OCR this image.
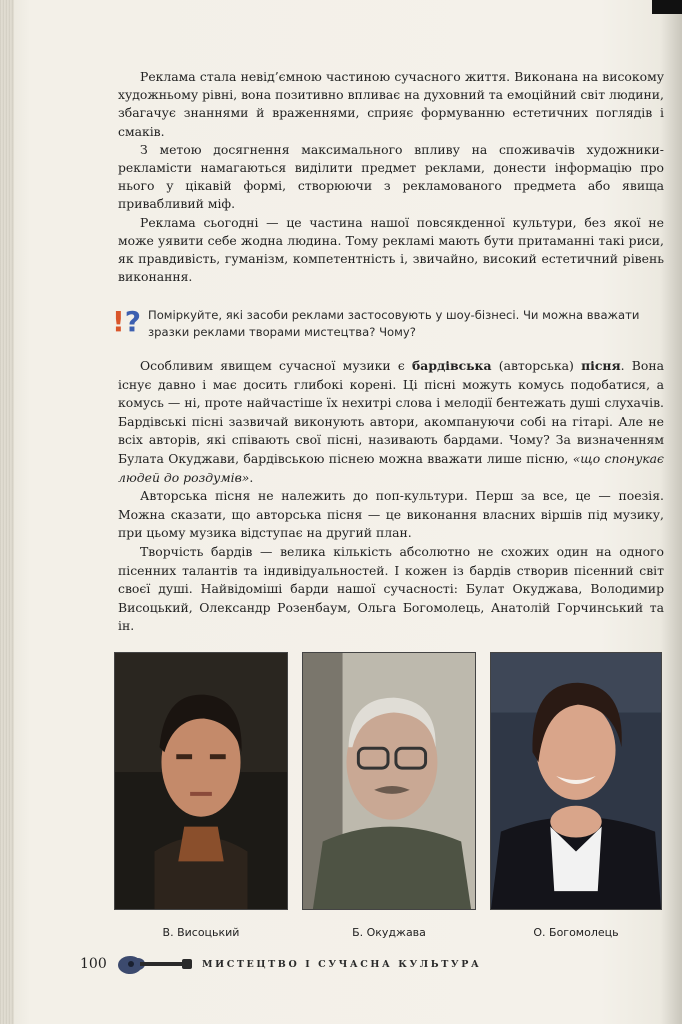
Реклама стала невід’ємною частиною сучасного життя. Виконана на високому художньому рівні, вона позитивно впливає на духовний та емоційний світ людини, збагачує знаннями й враженнями, сприяє формуванню естетичних поглядів і смаків.

З метою досягнення максимального впливу на споживачів художники-рекламісти намагаються виділити предмет реклами, донести інформацію про нього у цікавій формі, створюючи з рекламованого предмета або явища привабливий міф.

Реклама сьогодні — це частина нашої повсякденної культури, без якої не може уявити себе жодна людина. Тому рекламі мають бути притаманні такі риси, як правдивість, гуманізм, компетентність і, звичайно, високий естетичний рівень виконання.

!? Поміркуйте, які засоби реклами застосовують у шоу-бізнесі. Чи можна вважати зразки реклами творами мистецтва? Чому?

Особливим явищем сучасної музики є бардівська (авторська) пісня. Вона існує давно і має досить глибокі корені. Ці пісні можуть комусь подобатися, а комусь — ні, проте найчастіше їх нехитрі слова і мелодії бентежать душі слухачів. Бардівські пісні зазвичай виконують автори, акомпануючи собі на гітарі. Але не всіх авторів, які співають свої пісні, називають бардами. Чому? За визначенням Булата Окуджави, бардівською піснею можна вважати лише пісню, «що спонукає людей до роздумів».

Авторська пісня не належить до поп-культури. Перш за все, це — поезія. Можна сказати, що авторська пісня — це виконання власних віршів під музику, при цьому музика відступає на другий план.

Творчість бардів — велика кількість абсолютно не схожих один на одного пісенних талантів та індивідуальностей. І кожен із бардів створив пісенний світ своєї душі. Найвідоміші барди нашої сучасності: Булат Окуджава, Володимир Висоцький, Олександр Розенбаум, Ольга Богомолець, Анатолій Горчинський та ін.

В. Висоцький	Б. Окуджава	О. Богомолець
100	МИСТЕЦТВО І СУЧАСНА КУЛЬТУРА
